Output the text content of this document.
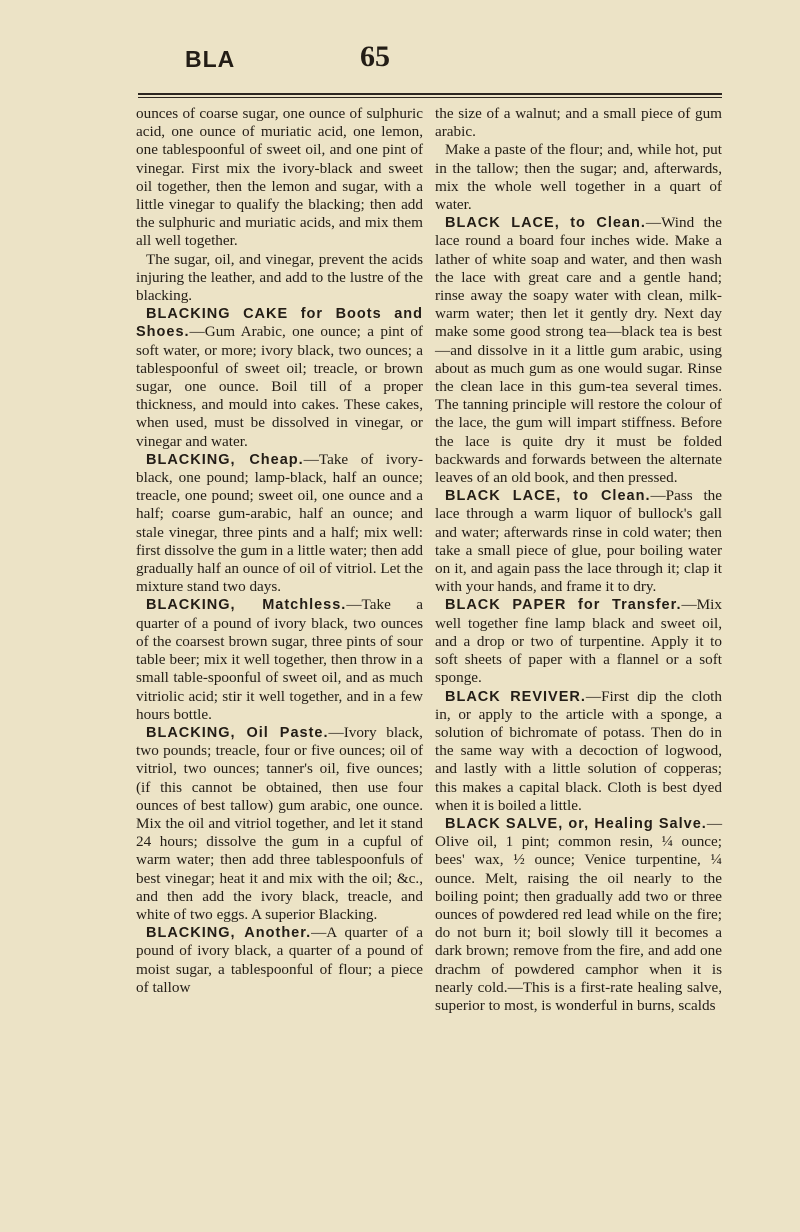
BLA	65

ounces of coarse sugar, one ounce of sulphuric acid, one ounce of muriatic acid, one lemon, one tablespoonful of sweet oil, and one pint of vinegar. First mix the ivory-black and sweet oil together, then the lemon and sugar, with a little vinegar to qualify the blacking; then add the sulphuric and muriatic acids, and mix them all well together.

The sugar, oil, and vinegar, prevent the acids injuring the leather, and add to the lustre of the blacking.

BLACKING CAKE for Boots and Shoes.—Gum Arabic, one ounce; a pint of soft water, or more; ivory black, two ounces; a tablespoonful of sweet oil; treacle, or brown sugar, one ounce. Boil till of a proper thickness, and mould into cakes. These cakes, when used, must be dissolved in vinegar, or vinegar and water.

BLACKING, Cheap.—Take of ivory-black, one pound; lamp-black, half an ounce; treacle, one pound; sweet oil, one ounce and a half; coarse gum-arabic, half an ounce; and stale vinegar, three pints and a half; mix well: first dissolve the gum in a little water; then add gradually half an ounce of oil of vitriol. Let the mixture stand two days.

BLACKING, Matchless.—Take a quarter of a pound of ivory black, two ounces of the coarsest brown sugar, three pints of sour table beer; mix it well together, then throw in a small table-spoonful of sweet oil, and as much vitriolic acid; stir it well together, and in a few hours bottle.

BLACKING, Oil Paste.—Ivory black, two pounds; treacle, four or five ounces; oil of vitriol, two ounces; tanner's oil, five ounces; (if this cannot be obtained, then use four ounces of best tallow) gum arabic, one ounce. Mix the oil and vitriol together, and let it stand 24 hours; dissolve the gum in a cupful of warm water; then add three tablespoonfuls of best vinegar; heat it and mix with the oil; &c., and then add the ivory black, treacle, and white of two eggs. A superior Blacking.

BLACKING, Another.—A quarter of a pound of ivory black, a quarter of a pound of moist sugar, a tablespoonful of flour; a piece of tallow

the size of a walnut; and a small piece of gum arabic.

Make a paste of the flour; and, while hot, put in the tallow; then the sugar; and, afterwards, mix the whole well together in a quart of water.

BLACK LACE, to Clean.—Wind the lace round a board four inches wide. Make a lather of white soap and water, and then wash the lace with great care and a gentle hand; rinse away the soapy water with clean, milk-warm water; then let it gently dry. Next day make some good strong tea—black tea is best—and dissolve in it a little gum arabic, using about as much gum as one would sugar. Rinse the clean lace in this gum-tea several times. The tanning principle will restore the colour of the lace, the gum will impart stiffness. Before the lace is quite dry it must be folded backwards and forwards between the alternate leaves of an old book, and then pressed.

BLACK LACE, to Clean.—Pass the lace through a warm liquor of bullock's gall and water; afterwards rinse in cold water; then take a small piece of glue, pour boiling water on it, and again pass the lace through it; clap it with your hands, and frame it to dry.

BLACK PAPER for Transfer.—Mix well together fine lamp black and sweet oil, and a drop or two of turpentine. Apply it to soft sheets of paper with a flannel or a soft sponge.

BLACK REVIVER.—First dip the cloth in, or apply to the article with a sponge, a solution of bichromate of potass. Then do in the same way with a decoction of logwood, and lastly with a little solution of copperas; this makes a capital black. Cloth is best dyed when it is boiled a little.

BLACK SALVE, or, Healing Salve.—Olive oil, 1 pint; common resin, ¼ ounce; bees' wax, ½ ounce; Venice turpentine, ¼ ounce. Melt, raising the oil nearly to the boiling point; then gradually add two or three ounces of powdered red lead while on the fire; do not burn it; boil slowly till it becomes a dark brown; remove from the fire, and add one drachm of powdered camphor when it is nearly cold.—This is a first-rate healing salve, superior to most, is wonderful in burns, scalds
